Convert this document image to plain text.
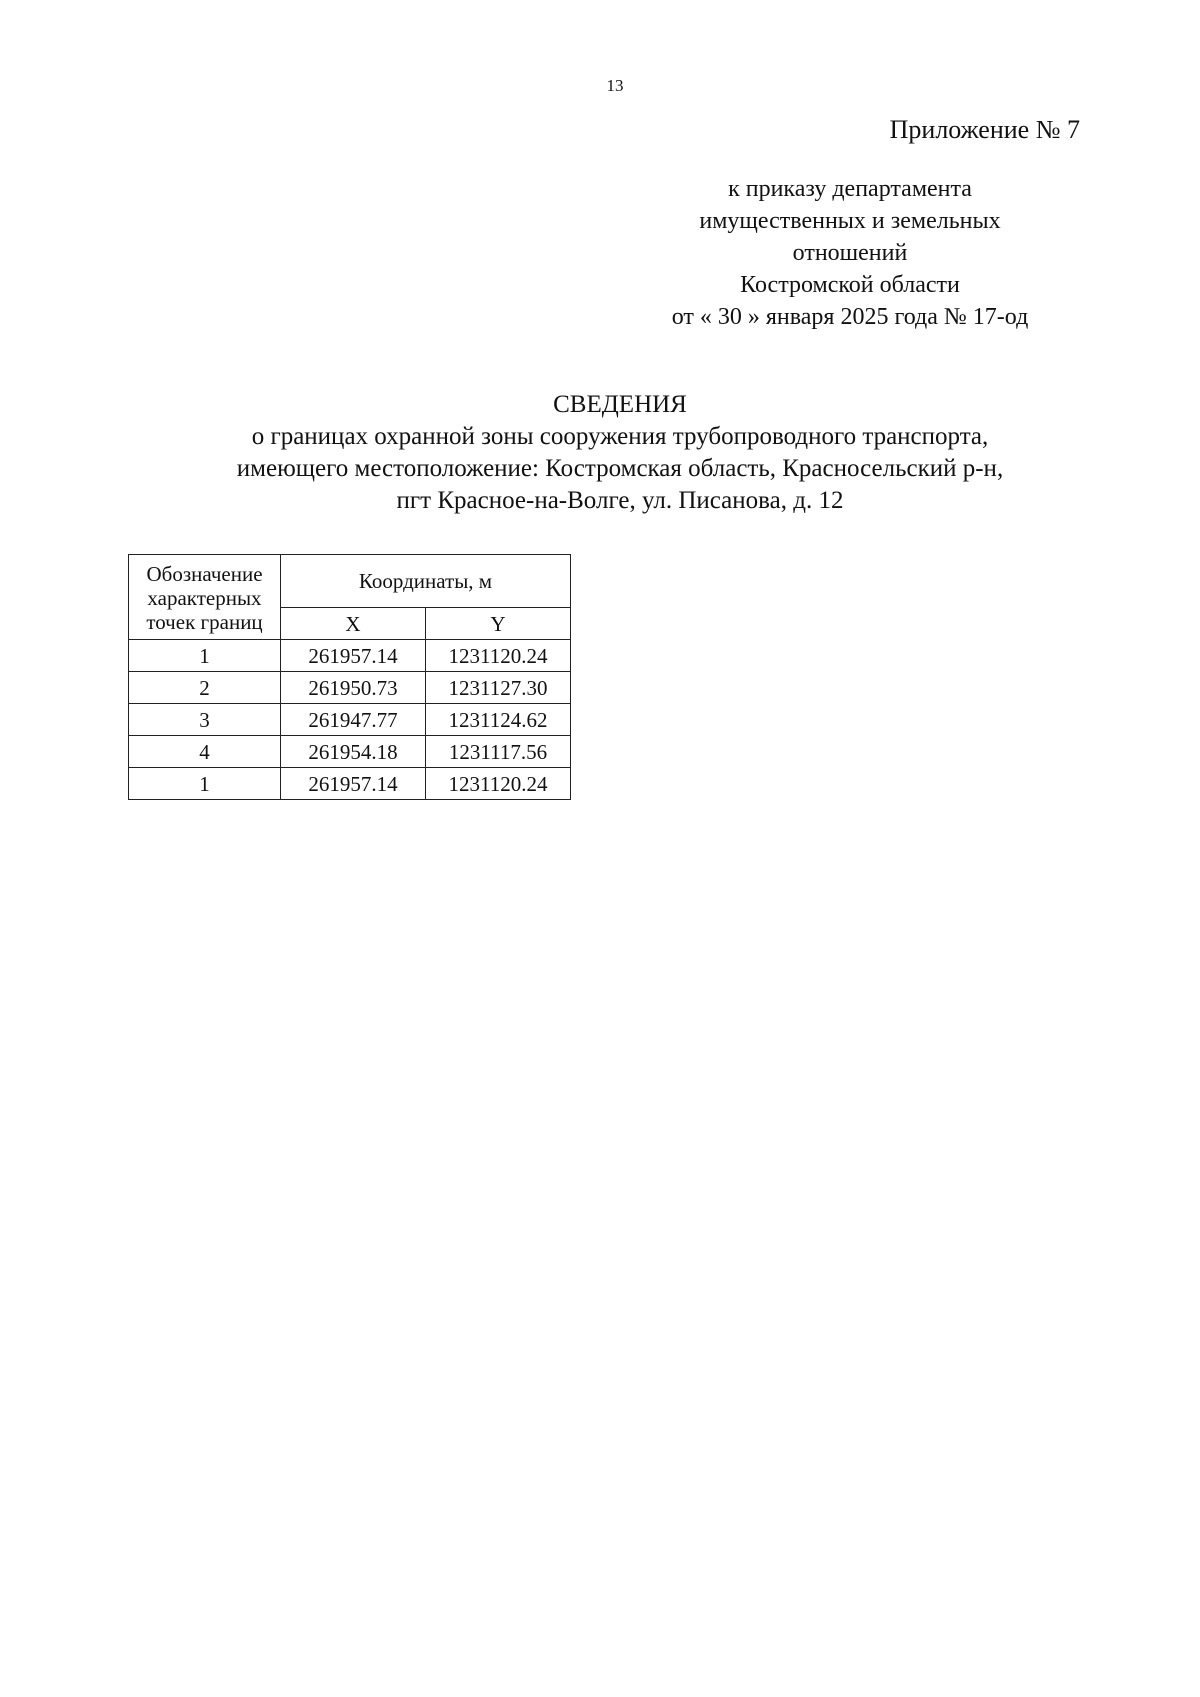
13
Приложение № 7
к приказу департамента
имущественных и земельных
отношений
Костромской области
от « 30 » января 2025 года № 17-од
СВЕДЕНИЯ
о границах охранной зоны сооружения трубопроводного транспорта,
имеющего местоположение: Костромская область, Красносельский р-н,
пгт Красное-на-Волге, ул. Писанова, д. 12
Обозначение
характерных
точек границ	Координаты, м	
	X	Y
1	261957.14	1231120.24
2	261950.73	1231127.30
3	261947.77	1231124.62
4	261954.18	1231117.56
1	261957.14	1231120.24
